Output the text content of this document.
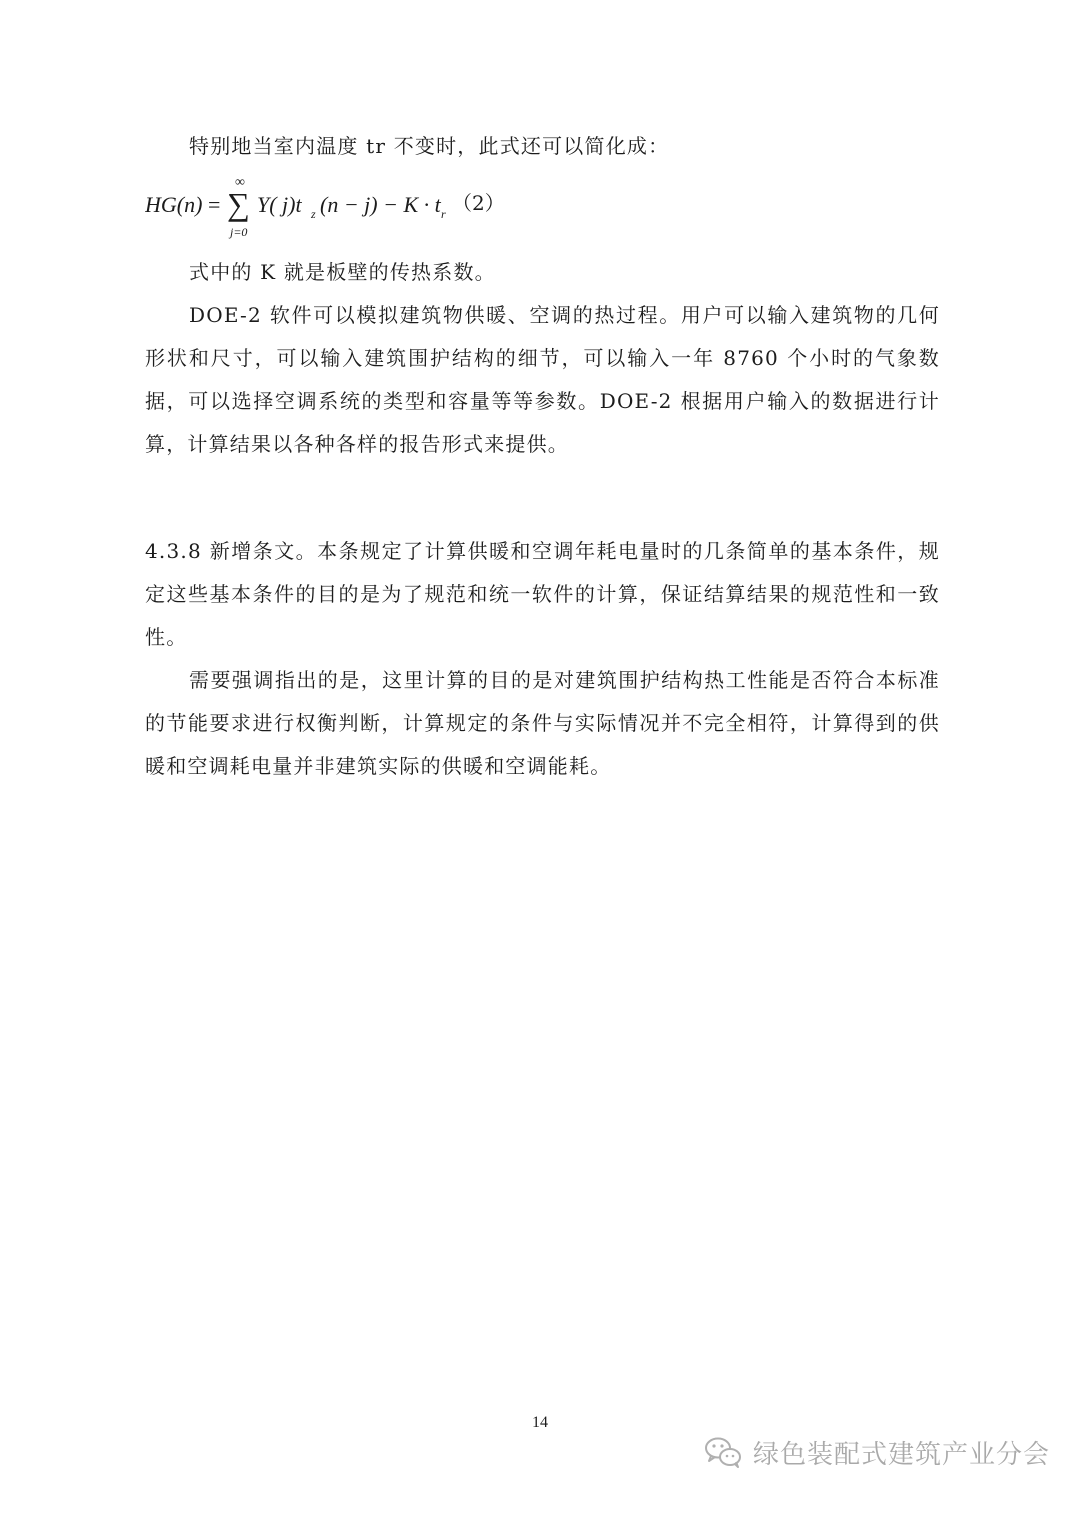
特别地当室内温度 tr 不变时，此式还可以简化成：

HG(n) =
∞
∑
j=0
Y( j)t z (n − j) − K · t r （2）

式中的 K 就是板壁的传热系数。

DOE-2 软件可以模拟建筑物供暖、空调的热过程。用户可以输入建筑物的几何形状和尺寸，可以输入建筑围护结构的细节，可以输入一年 8760 个小时的气象数据，可以选择空调系统的类型和容量等等参数。DOE-2 根据用户输入的数据进行计算，计算结果以各种各样的报告形式来提供。

4.3.8 新增条文。本条规定了计算供暖和空调年耗电量时的几条简单的基本条件，规定这些基本条件的目的是为了规范和统一软件的计算，保证结算结果的规范性和一致性。

需要强调指出的是，这里计算的目的是对建筑围护结构热工性能是否符合本标准的节能要求进行权衡判断，计算规定的条件与实际情况并不完全相符，计算得到的供暖和空调耗电量并非建筑实际的供暖和空调能耗。

14
绿色装配式建筑产业分会
